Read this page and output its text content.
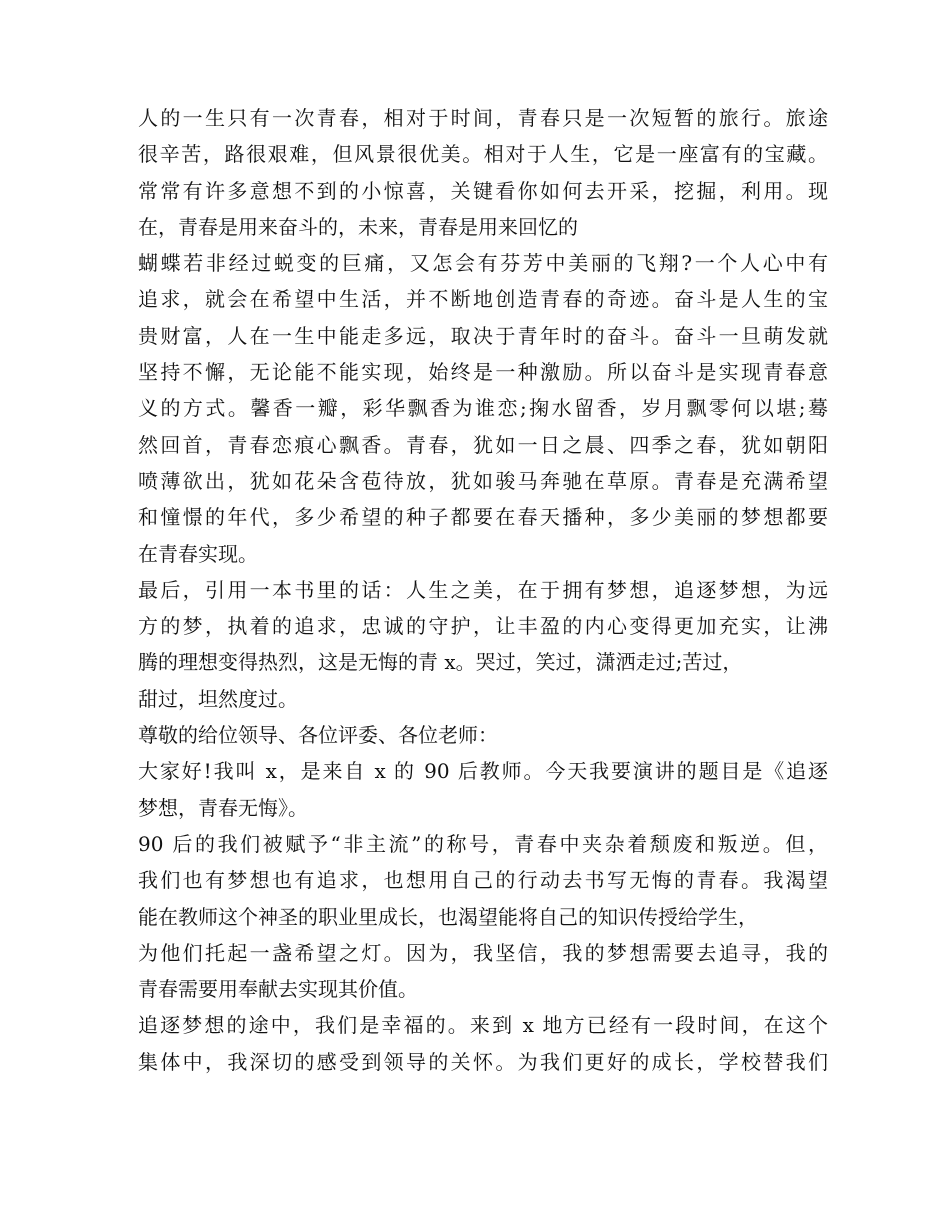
人的一生只有一次青春，相对于时间，青春只是一次短暂的旅行。旅途
很辛苦，路很艰难，但风景很优美。相对于人生，它是一座富有的宝藏。
常常有许多意想不到的小惊喜，关键看你如何去开采，挖掘，利用。现
在，青春是用来奋斗的，未来，青春是用来回忆的
蝴蝶若非经过蜕变的巨痛，又怎会有芬芳中美丽的飞翔?一个人心中有
追求，就会在希望中生活，并不断地创造青春的奇迹。奋斗是人生的宝
贵财富，人在一生中能走多远，取决于青年时的奋斗。奋斗一旦萌发就
坚持不懈，无论能不能实现，始终是一种激励。所以奋斗是实现青春意
义的方式。馨香一瓣，彩华飘香为谁恋;掬水留香，岁月飘零何以堪;蓦
然回首，青春恋痕心飘香。青春，犹如一日之晨、四季之春，犹如朝阳
喷薄欲出，犹如花朵含苞待放，犹如骏马奔驰在草原。青春是充满希望
和憧憬的年代，多少希望的种子都要在春天播种，多少美丽的梦想都要
在青春实现。
最后，引用一本书里的话：人生之美，在于拥有梦想，追逐梦想，为远
方的梦，执着的追求，忠诚的守护，让丰盈的内心变得更加充实，让沸
腾的理想变得热烈，这是无悔的青 x。哭过，笑过，潇洒走过;苦过，
甜过，坦然度过。
尊敬的给位领导、各位评委、各位老师：
大家好!我叫 x，是来自 x 的 90 后教师。今天我要演讲的题目是《追逐
梦想，青春无悔》。
90 后的我们被赋予“非主流”的称号，青春中夹杂着颓废和叛逆。但，
我们也有梦想也有追求，也想用自己的行动去书写无悔的青春。我渴望
能在教师这个神圣的职业里成长，也渴望能将自己的知识传授给学生，
为他们托起一盏希望之灯。因为，我坚信，我的梦想需要去追寻，我的
青春需要用奉献去实现其价值。
追逐梦想的途中，我们是幸福的。来到 x 地方已经有一段时间，在这个
集体中，我深切的感受到领导的关怀。为我们更好的成长，学校替我们
